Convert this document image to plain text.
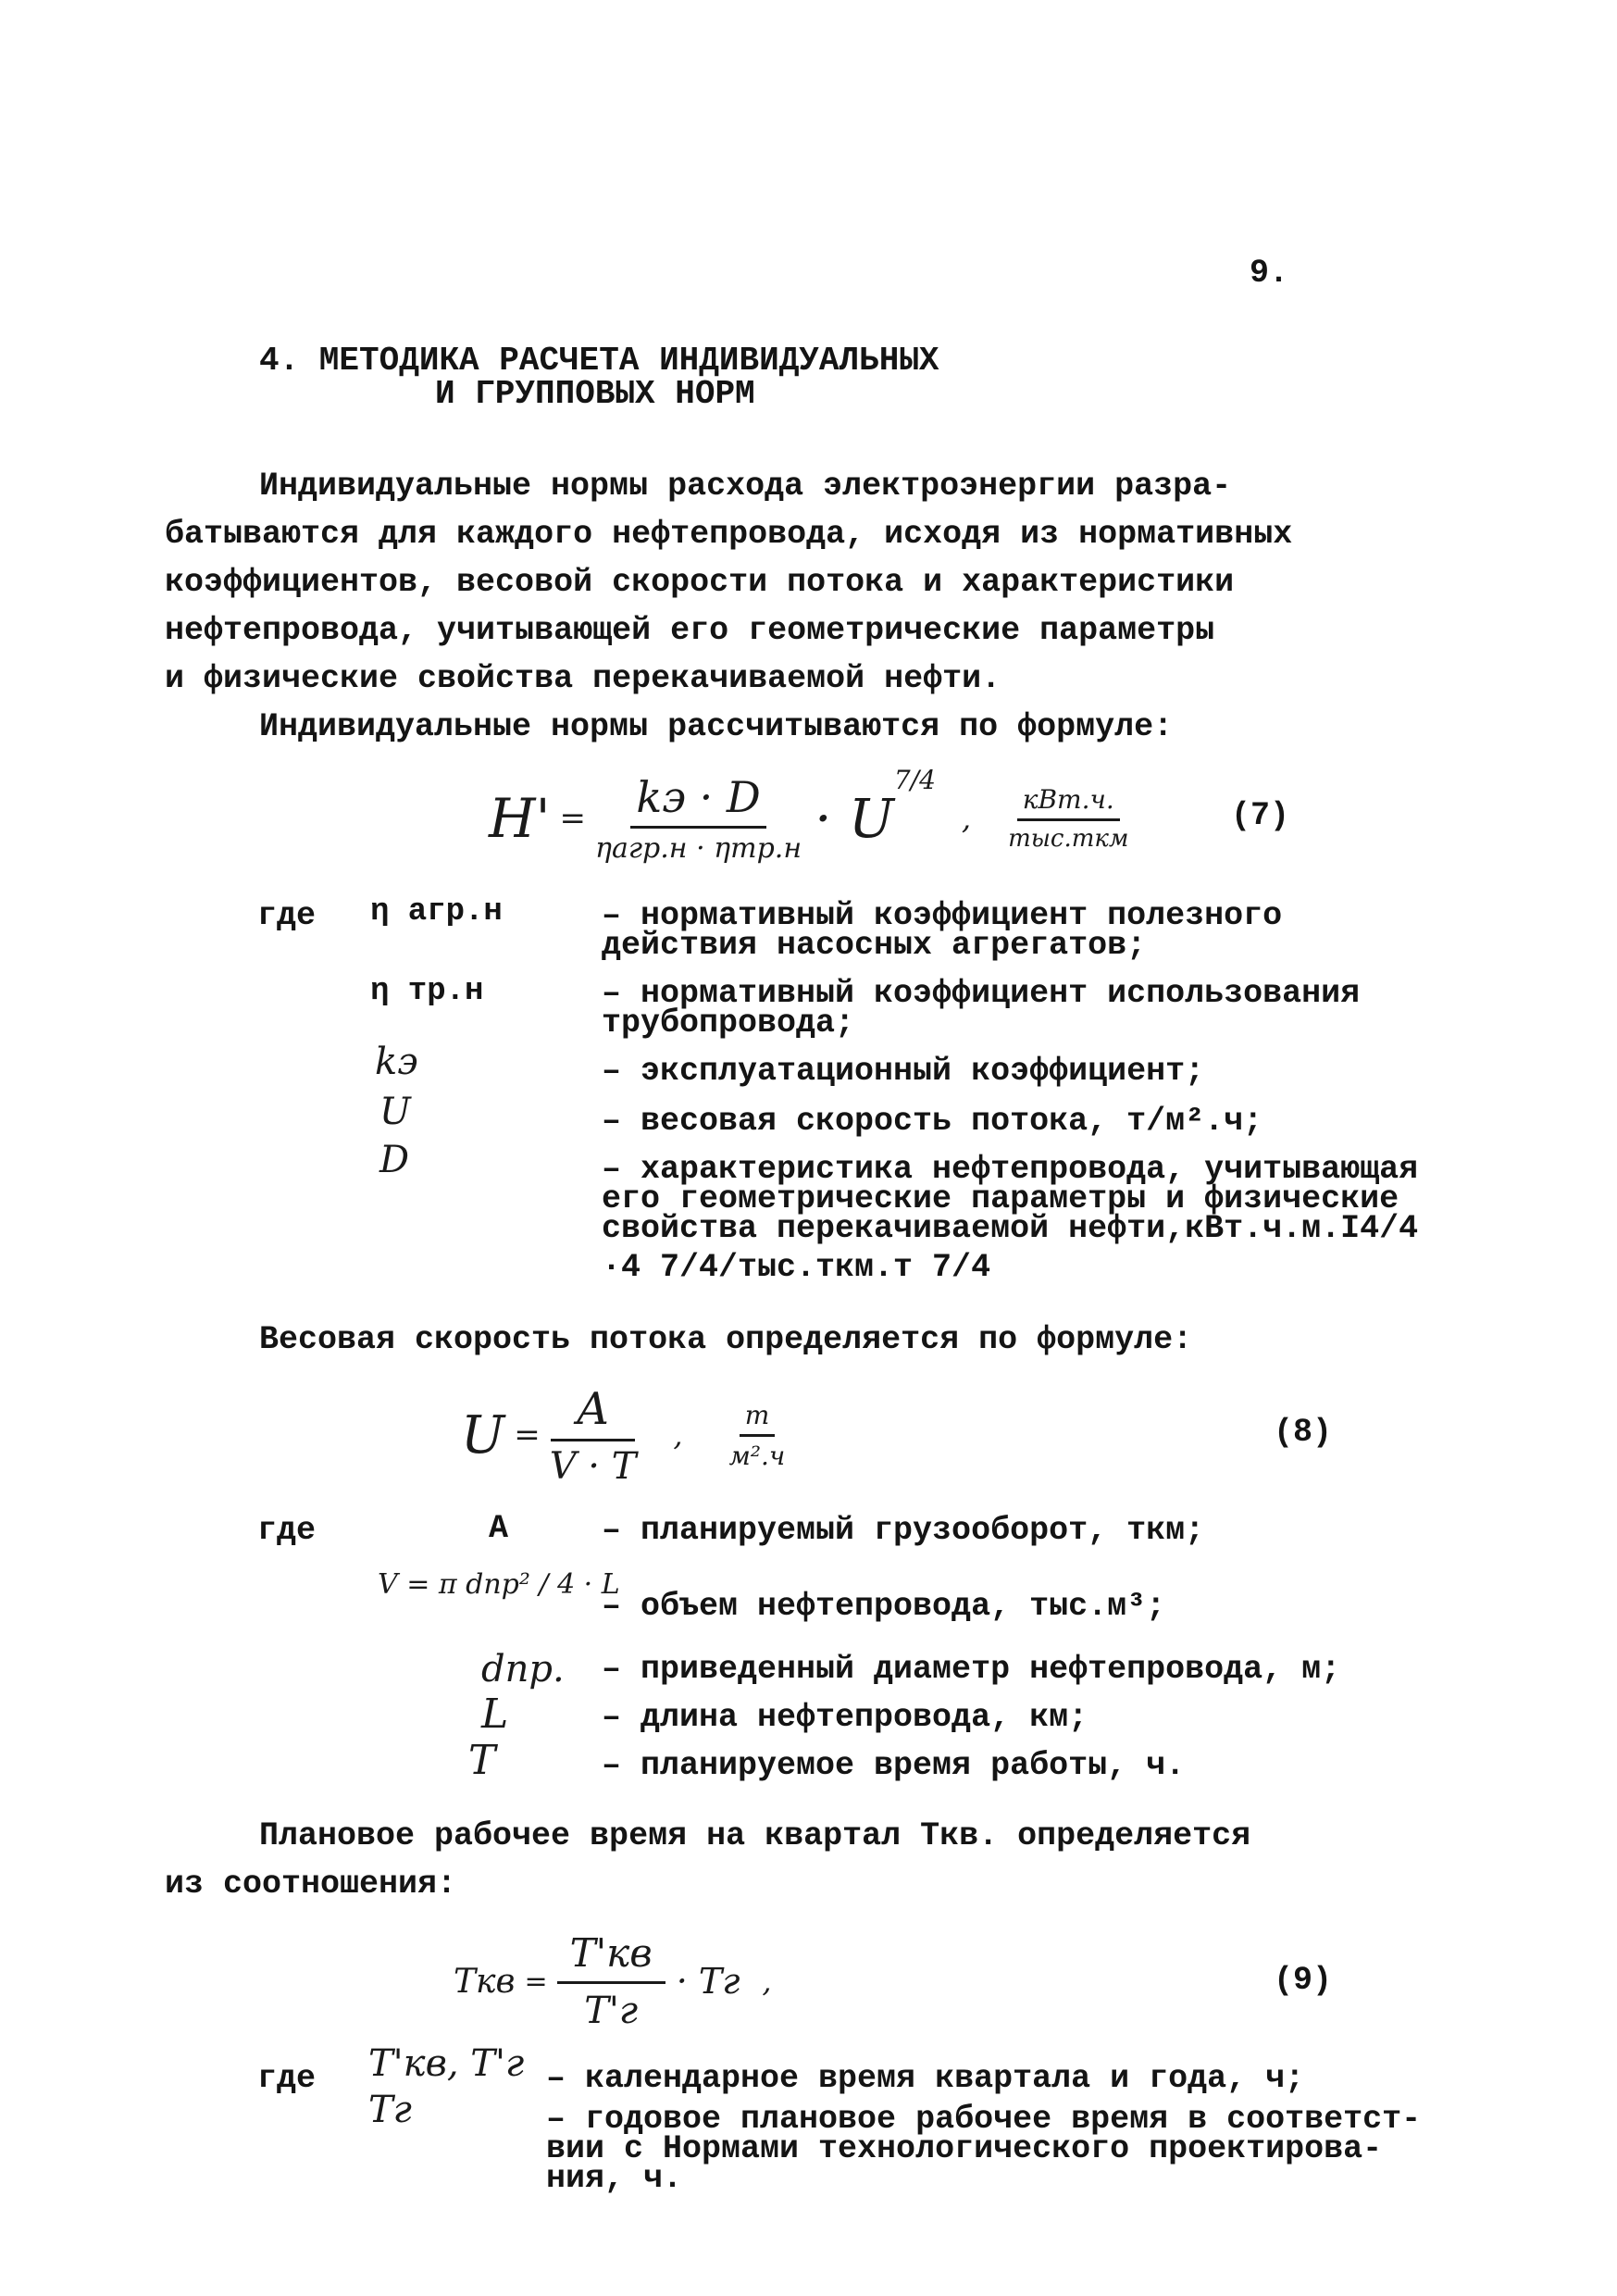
9.
4. МЕТОДИКА РАСЧЕТА ИНДИВИДУАЛЬНЫХ
И ГРУППОВЫХ НОРМ
Индивидуальные нормы расхода электроэнергии разра-
батываются для каждого нефтепровода, исходя из нормативных
коэффициентов, весовой скорости потока и характеристики
нефтепровода, учитывающей его геометрические параметры
и физические свойства перекачиваемой нефти.
Индивидуальные нормы рассчитываются по формуле:
$H' = \frac{kэ \cdot D}{\text{ηагр.н · ηтр.н}} \cdot U$
7/4
, $\frac{\text{кВт.ч.}}{\text{тыс.ткм}}$	(7)
где η агр.н	– нормативный коэффициент полезного
действия насосных агрегатов;
η тр.н	– нормативный коэффициент использования
трубопровода;
kэ	– эксплуатационный коэффициент;
U	– весовая скорость потока, т/м².ч;
D	– характеристика нефтепровода, учитывающая
его геометрические параметры и физические
свойства перекачиваемой нефти,кВт.ч.м.I4/4
·4 7/4/тыс.ткм.т 7/4
Весовая скорость потока определяется по формуле:
$U = \frac{A}{V \cdot T}$ , $\frac{т}{\text{м².ч}}$	(8)
где	A	– планируемый грузооборот, ткм;
V = π dпр² / 4 · L
– объем нефтепровода, тыс.м³;
dпр. – приведенный диаметр нефтепровода, м;
L	– длина нефтепровода, км;
T	– планируемое время работы, ч.
Плановое рабочее время на квартал Tкв. определяется
из соотношения:
Tкв = $\frac{T'кв}{T'г}$ · Tг ,	(9)
где T'кв, T'г – календарное время квартала и года, ч;
Tг	– годовое плановое рабочее время в соответст-
вии с Нормами технологического проектирова-
ния, ч.
